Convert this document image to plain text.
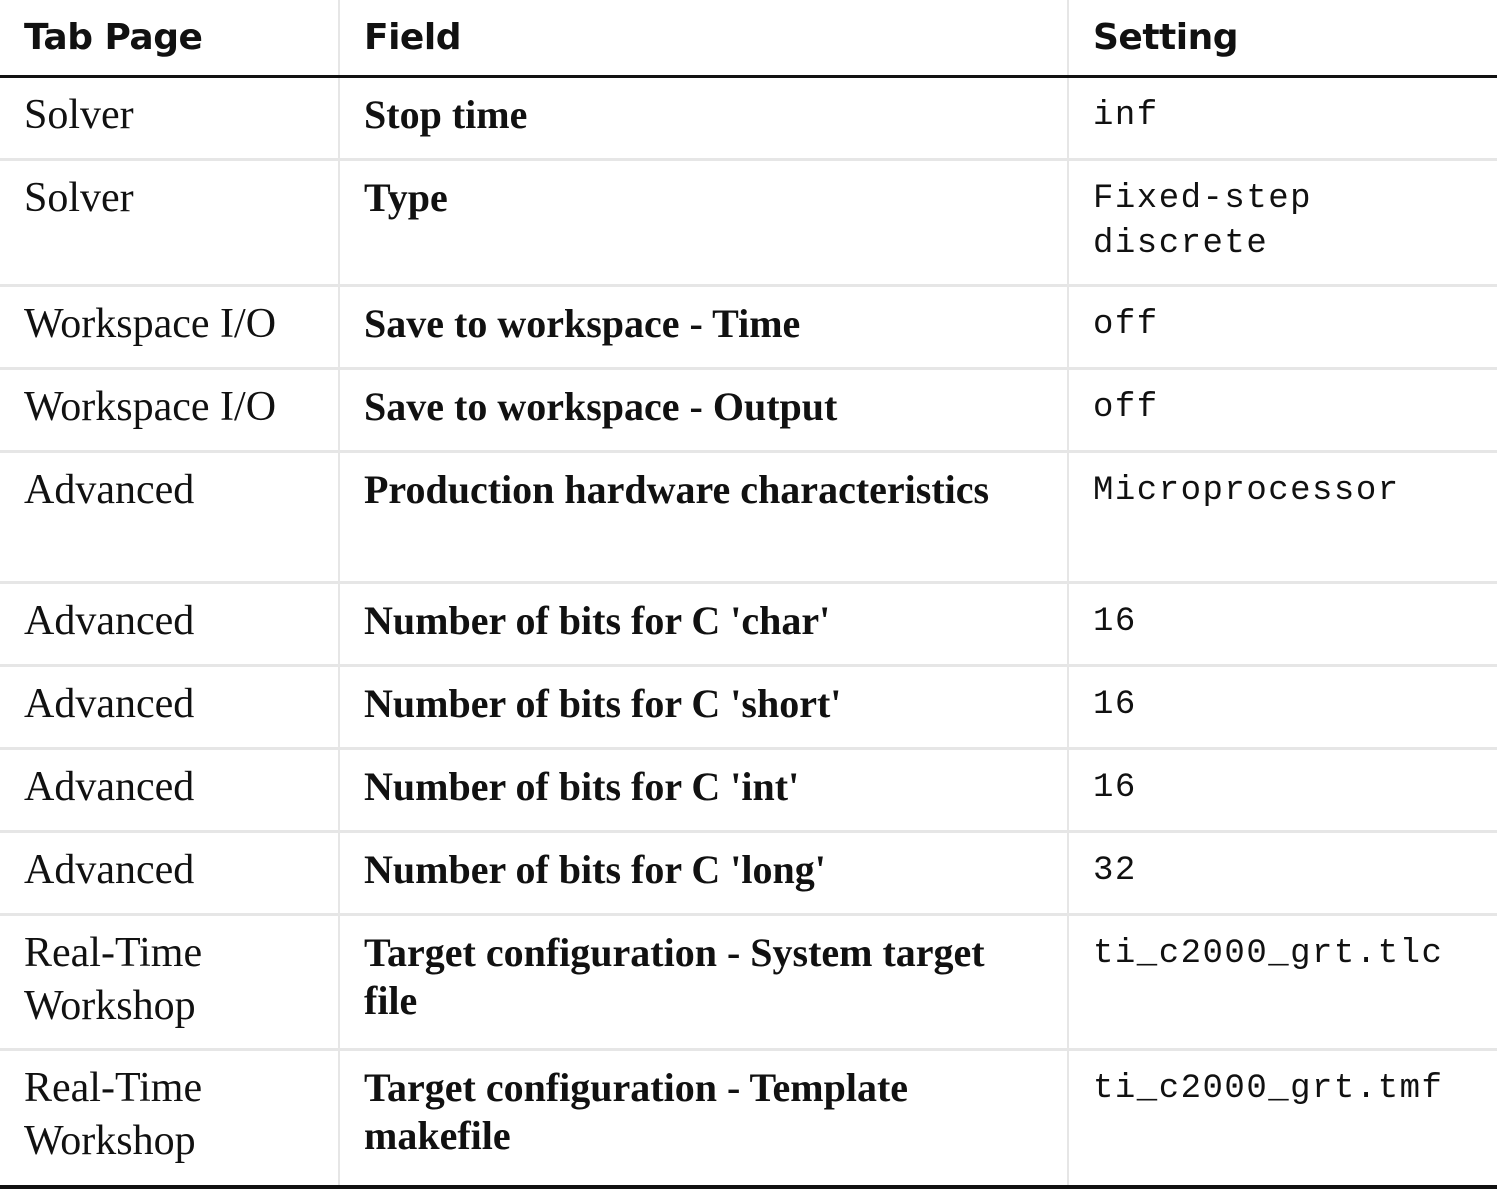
Tab Page	Field	Setting
Solver	Stop time	inf
Solver	Type	Fixed-step discrete
Workspace I/O	Save to workspace - Time	off
Workspace I/O	Save to workspace - Output	off
Advanced	Production hardware characteristics	Microprocessor
Advanced	Number of bits for C 'char'	16
Advanced	Number of bits for C 'short'	16
Advanced	Number of bits for C 'int'	16
Advanced	Number of bits for C 'long'	32
Real-Time Workshop	Target configuration - System target file	ti_c2000_grt.tlc
Real-Time Workshop	Target configuration - Template makefile	ti_c2000_grt.tmf
